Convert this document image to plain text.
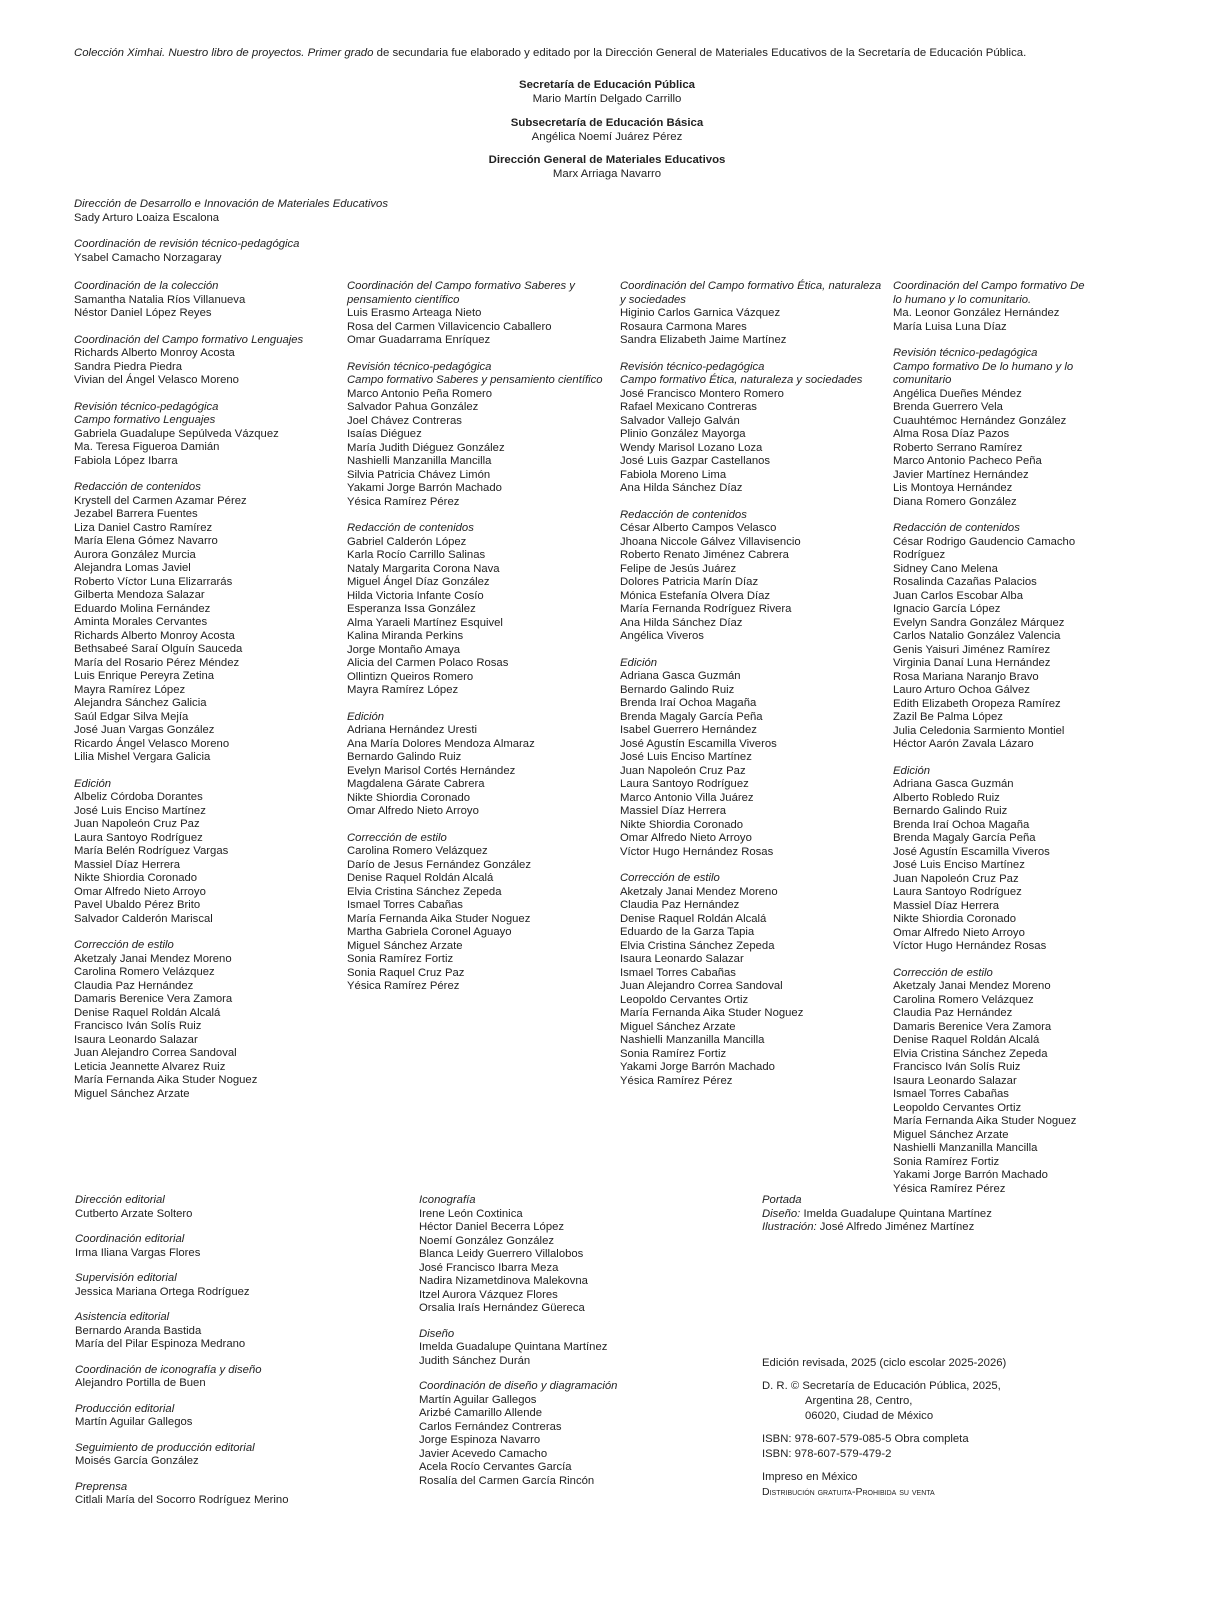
Colección Ximhai. Nuestro libro de proyectos. Primer grado de secundaria fue elaborado y editado por la Dirección General de Materiales Educativos de la Secretaría de Educación Pública.
Secretaría de Educación Pública
Mario Martín Delgado Carrillo
Subsecretaría de Educación Básica
Angélica Noemí Juárez Pérez
Dirección General de Materiales Educativos
Marx Arriaga Navarro
Dirección de Desarrollo e Innovación de Materiales Educativos
Sady Arturo Loaiza Escalona
Coordinación de revisión técnico-pedagógica
Ysabel Camacho Norzagaray
Coordinación de la colección
Samantha Natalia Ríos Villanueva
Néstor Daniel López Reyes
Coordinación del Campo formativo Lenguajes
Richards Alberto Monroy Acosta
Sandra Piedra Piedra
Vivian del Ángel Velasco Moreno
Revisión técnico-pedagógica
Campo formativo Lenguajes
Gabriela Guadalupe Sepúlveda Vázquez
Ma. Teresa Figueroa Damián
Fabiola López Ibarra
Redacción de contenidos
Krystell del Carmen Azamar Pérez
Jezabel Barrera Fuentes
Liza Daniel Castro Ramírez
María Elena Gómez Navarro
Aurora González Murcia
Alejandra Lomas Javiel
Roberto Víctor Luna Elizarrarás
Gilberta Mendoza Salazar
Eduardo Molina Fernández
Aminta Morales Cervantes
Richards Alberto Monroy Acosta
Bethsabeé Saraí Olguín Sauceda
María del Rosario Pérez Méndez
Luis Enrique Pereyra Zetina
Mayra Ramírez López
Alejandra Sánchez Galicia
Saúl Edgar Silva Mejía
José Juan Vargas González
Ricardo Ángel Velasco Moreno
Lilia Mishel Vergara Galicia
Edición
Albeliz Córdoba Dorantes
José Luis Enciso Martínez
Juan Napoleón Cruz Paz
Laura Santoyo Rodríguez
María Belén Rodríguez Vargas
Massiel Díaz Herrera
Nikte Shiordia Coronado
Omar Alfredo Nieto Arroyo
Pavel Ubaldo Pérez Brito
Salvador Calderón Mariscal
Corrección de estilo
Aketzaly Janai Mendez Moreno
Carolina Romero Velázquez
Claudia Paz Hernández
Damaris Berenice Vera Zamora
Denise Raquel Roldán Alcalá
Francisco Iván Solís Ruiz
Isaura Leonardo Salazar
Juan Alejandro Correa Sandoval
Leticia Jeannette Alvarez Ruiz
María Fernanda Aika Studer Noguez
Miguel Sánchez Arzate
Coordinación del Campo formativo Saberes y pensamiento científico
Luis Erasmo Arteaga Nieto
Rosa del Carmen Villavicencio Caballero
Omar Guadarrama Enríquez
Revisión técnico-pedagógica
Campo formativo Saberes y pensamiento científico
Marco Antonio Peña Romero
Salvador Pahua González
Joel Chávez Contreras
Isaías Diéguez
María Judith Diéguez González
Nashielli Manzanilla Mancilla
Silvia Patricia Chávez Limón
Yakami Jorge Barrón Machado
Yésica Ramírez Pérez
Redacción de contenidos
Gabriel Calderón López
Karla Rocío Carrillo Salinas
Nataly Margarita Corona Nava
Miguel Ángel Díaz González
Hilda Victoria Infante Cosío
Esperanza Issa González
Alma Yaraeli Martínez Esquivel
Kalina Miranda Perkins
Jorge Montaño Amaya
Alicia del Carmen Polaco Rosas
Ollintizn Queiros Romero
Mayra Ramírez López
Edición
Adriana Hernández Uresti
Ana María Dolores Mendoza Almaraz
Bernardo Galindo Ruiz
Evelyn Marisol Cortés Hernández
Magdalena Gárate Cabrera
Nikte Shiordia Coronado
Omar Alfredo Nieto Arroyo
Corrección de estilo
Carolina Romero Velázquez
Darío de Jesus Fernández González
Denise Raquel Roldán Alcalá
Elvia Cristina Sánchez Zepeda
Ismael Torres Cabañas
María Fernanda Aika Studer Noguez
Martha Gabriela Coronel Aguayo
Miguel Sánchez Arzate
Sonia Ramírez Fortiz
Sonia Raquel Cruz Paz
Yésica Ramírez Pérez
Coordinación del Campo formativo Ética, naturaleza y sociedades
Higinio Carlos Garnica Vázquez
Rosaura Carmona Mares
Sandra Elizabeth Jaime Martínez
Revisión técnico-pedagógica
Campo formativo Ética, naturaleza y sociedades
José Francisco Montero Romero
Rafael Mexicano Contreras
Salvador Vallejo Galván
Plinio González Mayorga
Wendy Marisol Lozano Loza
José Luis Gazpar Castellanos
Fabiola Moreno Lima
Ana Hilda Sánchez Díaz
Redacción de contenidos
César Alberto Campos Velasco
Jhoana Niccole Gálvez Villavisencio
Roberto Renato Jiménez Cabrera
Felipe de Jesús Juárez
Dolores Patricia Marín Díaz
Mónica Estefanía Olvera Díaz
María Fernanda Rodríguez Rivera
Ana Hilda Sánchez Díaz
Angélica Viveros
Edición
Adriana Gasca Guzmán
Bernardo Galindo Ruiz
Brenda Iraí Ochoa Magaña
Brenda Magaly García Peña
Isabel Guerrero Hernández
José Agustín Escamilla Viveros
José Luis Enciso Martínez
Juan Napoleón Cruz Paz
Laura Santoyo Rodríguez
Marco Antonio Villa Juárez
Massiel Díaz Herrera
Nikte Shiordia Coronado
Omar Alfredo Nieto Arroyo
Víctor Hugo Hernández Rosas
Corrección de estilo
Aketzaly Janai Mendez Moreno
Claudia Paz Hernández
Denise Raquel Roldán Alcalá
Eduardo de la Garza Tapia
Elvia Cristina Sánchez Zepeda
Isaura Leonardo Salazar
Ismael Torres Cabañas
Juan Alejandro Correa Sandoval
Leopoldo Cervantes Ortiz
María Fernanda Aika Studer Noguez
Miguel Sánchez Arzate
Nashielli Manzanilla Mancilla
Sonia Ramírez Fortiz
Yakami Jorge Barrón Machado
Yésica Ramírez Pérez
Coordinación del Campo formativo De lo humano y lo comunitario.
Ma. Leonor González Hernández
María Luisa Luna Díaz
Revisión técnico-pedagógica
Campo formativo De lo humano y lo comunitario
Angélica Dueñes Méndez
Brenda Guerrero Vela
Cuauhtémoc Hernández González
Alma Rosa Díaz Pazos
Roberto Serrano Ramírez
Marco Antonio Pacheco Peña
Javier Martínez Hernández
Lis Montoya Hernández
Diana Romero González
Redacción de contenidos
César Rodrigo Gaudencio Camacho Rodríguez
Sidney Cano Melena
Rosalinda Cazañas Palacios
Juan Carlos Escobar Alba
Ignacio García López
Evelyn Sandra González Márquez
Carlos Natalio González Valencia
Genis Yaisuri Jiménez Ramírez
Virginia Danaí Luna Hernández
Rosa Mariana Naranjo Bravo
Lauro Arturo Ochoa Gálvez
Edith Elizabeth Oropeza Ramírez
Zazil Be Palma López
Julia Celedonia Sarmiento Montiel
Héctor Aarón Zavala Lázaro
Edición
Adriana Gasca Guzmán
Alberto Robledo Ruiz
Bernardo Galindo Ruiz
Brenda Iraí Ochoa Magaña
Brenda Magaly García Peña
José Agustín Escamilla Viveros
José Luis Enciso Martínez
Juan Napoleón Cruz Paz
Laura Santoyo Rodríguez
Massiel Díaz Herrera
Nikte Shiordia Coronado
Omar Alfredo Nieto Arroyo
Víctor Hugo Hernández Rosas
Corrección de estilo
Aketzaly Janai Mendez Moreno
Carolina Romero Velázquez
Claudia Paz Hernández
Damaris Berenice Vera Zamora
Denise Raquel Roldán Alcalá
Elvia Cristina Sánchez Zepeda
Francisco Iván Solís Ruiz
Isaura Leonardo Salazar
Ismael Torres Cabañas
Leopoldo Cervantes Ortiz
María Fernanda Aika Studer Noguez
Miguel Sánchez Arzate
Nashielli Manzanilla Mancilla
Sonia Ramírez Fortiz
Yakami Jorge Barrón Machado
Yésica Ramírez Pérez
Dirección editorial
Cutberto Arzate Soltero
Coordinación editorial
Irma Iliana Vargas Flores
Supervisión editorial
Jessica Mariana Ortega Rodríguez
Asistencia editorial
Bernardo Aranda Bastida
María del Pilar Espinoza Medrano
Coordinación de iconografía y diseño
Alejandro Portilla de Buen
Producción editorial
Martín Aguilar Gallegos
Seguimiento de producción editorial
Moisés García González
Preprensa
Citlali María del Socorro Rodríguez Merino
Iconografía
Irene León Coxtinica
Héctor Daniel Becerra López
Noemí González González
Blanca Leidy Guerrero Villalobos
José Francisco Ibarra Meza
Nadira Nizametdinova Malekovna
Itzel Aurora Vázquez Flores
Orsalia Iraís Hernández Güereca
Diseño
Imelda Guadalupe Quintana Martínez
Judith Sánchez Durán
Coordinación de diseño y diagramación
Martín Aguilar Gallegos
Arizbé Camarillo Allende
Carlos Fernández Contreras
Jorge Espinoza Navarro
Javier Acevedo Camacho
Acela Rocío Cervantes García
Rosalía del Carmen García Rincón
Portada
Diseño: Imelda Guadalupe Quintana Martínez
Ilustración: José Alfredo Jiménez Martínez
Edición revisada, 2025 (ciclo escolar 2025-2026)
D. R. © Secretaría de Educación Pública, 2025,
Argentina 28, Centro,
06020, Ciudad de México
ISBN: 978-607-579-085-5 Obra completa
ISBN: 978-607-579-479-2
Impreso en México
Distribución gratuita-Prohibida su venta
